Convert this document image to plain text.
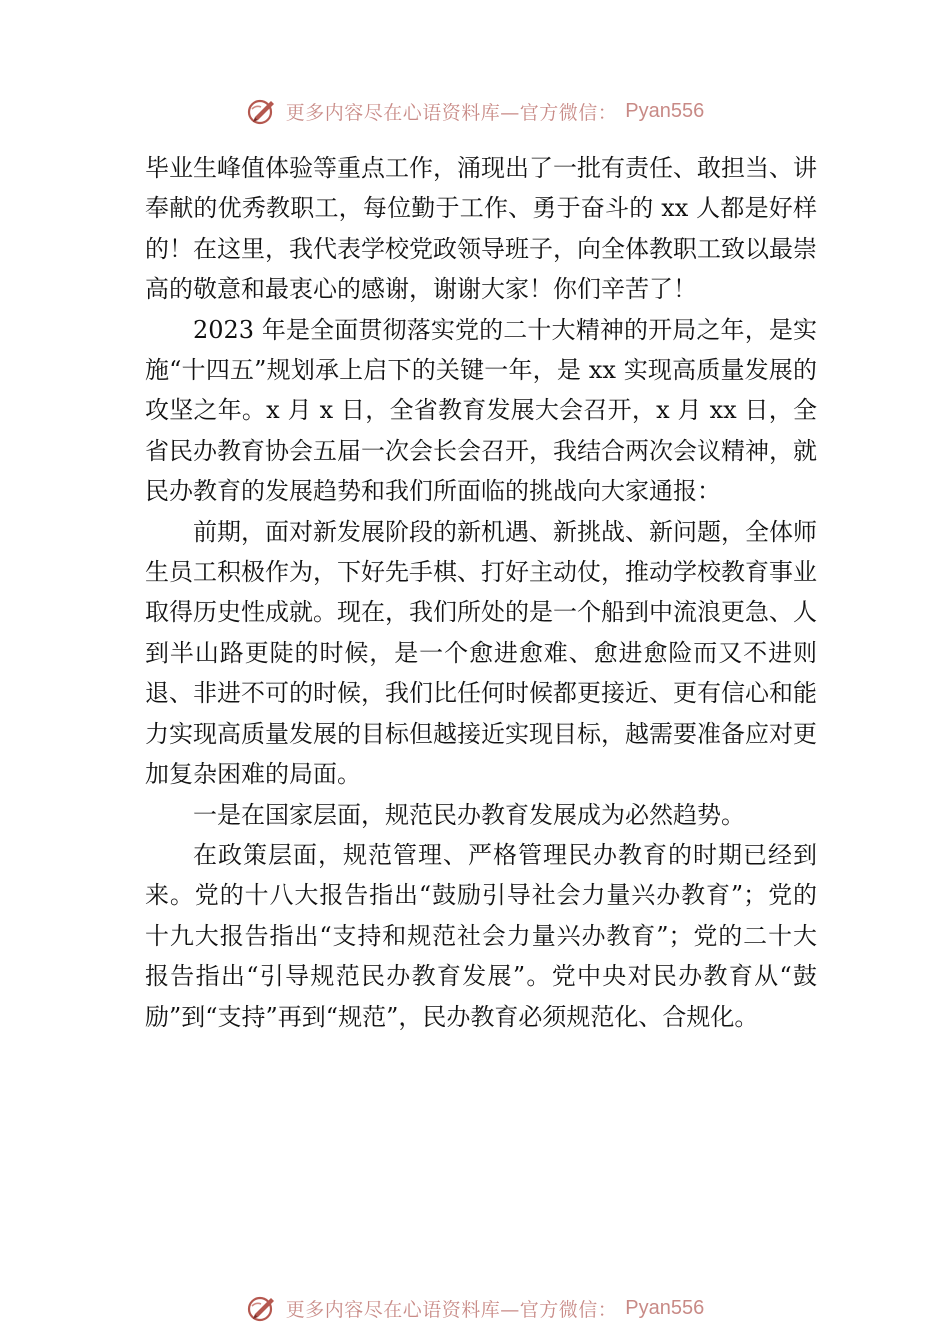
更多内容尽在心语资料库—官方微信： Pyan556

毕业生峰值体验等重点工作，涌现出了一批有责任、敢担当、讲奉献的优秀教职工，每位勤于工作、勇于奋斗的 xx 人都是好样的！在这里，我代表学校党政领导班子，向全体教职工致以最崇高的敬意和最衷心的感谢，谢谢大家！你们辛苦了！

2023 年是全面贯彻落实党的二十大精神的开局之年，是实施“十四五”规划承上启下的关键一年，是 xx 实现高质量发展的攻坚之年。x 月 x 日，全省教育发展大会召开，x 月 xx 日，全省民办教育协会五届一次会长会召开，我结合两次会议精神，就民办教育的发展趋势和我们所面临的挑战向大家通报：

前期，面对新发展阶段的新机遇、新挑战、新问题，全体师生员工积极作为，下好先手棋、打好主动仗，推动学校教育事业取得历史性成就。现在，我们所处的是一个船到中流浪更急、人到半山路更陡的时候，是一个愈进愈难、愈进愈险而又不进则退、非进不可的时候，我们比任何时候都更接近、更有信心和能力实现高质量发展的目标但越接近实现目标，越需要准备应对更加复杂困难的局面。

一是在国家层面，规范民办教育发展成为必然趋势。

在政策层面，规范管理、严格管理民办教育的时期已经到来。党的十八大报告指出“鼓励引导社会力量兴办教育”；党的十九大报告指出“支持和规范社会力量兴办教育”；党的二十大报告指出“引导规范民办教育发展”。党中央对民办教育从“鼓励”到“支持”再到“规范”，民办教育必须规范化、合规化。

更多内容尽在心语资料库—官方微信： Pyan556
